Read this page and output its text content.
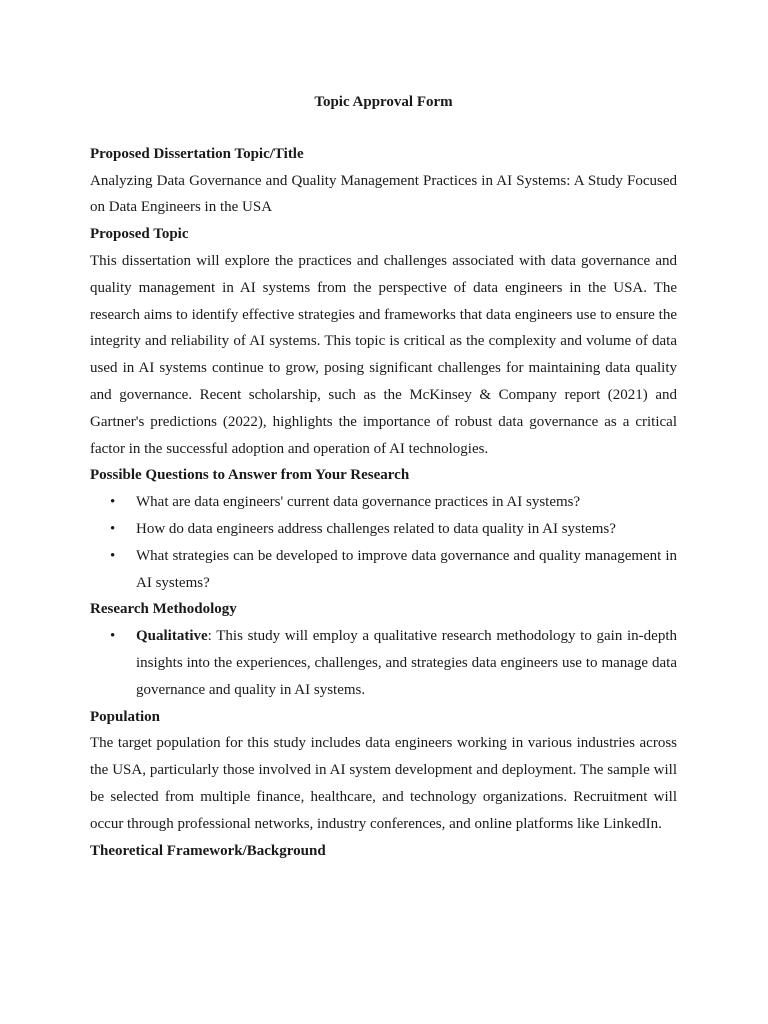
Topic Approval Form

Proposed Dissertation Topic/Title

Analyzing Data Governance and Quality Management Practices in AI Systems: A Study Focused on Data Engineers in the USA

Proposed Topic

This dissertation will explore the practices and challenges associated with data governance and quality management in AI systems from the perspective of data engineers in the USA. The research aims to identify effective strategies and frameworks that data engineers use to ensure the integrity and reliability of AI systems. This topic is critical as the complexity and volume of data used in AI systems continue to grow, posing significant challenges for maintaining data quality and governance. Recent scholarship, such as the McKinsey & Company report (2021) and Gartner's predictions (2022), highlights the importance of robust data governance as a critical factor in the successful adoption and operation of AI technologies.

Possible Questions to Answer from Your Research

• What are data engineers' current data governance practices in AI systems?
• How do data engineers address challenges related to data quality in AI systems?
• What strategies can be developed to improve data governance and quality management in AI systems?

Research Methodology

• Qualitative: This study will employ a qualitative research methodology to gain in-depth insights into the experiences, challenges, and strategies data engineers use to manage data governance and quality in AI systems.

Population

The target population for this study includes data engineers working in various industries across the USA, particularly those involved in AI system development and deployment. The sample will be selected from multiple finance, healthcare, and technology organizations. Recruitment will occur through professional networks, industry conferences, and online platforms like LinkedIn.

Theoretical Framework/Background
